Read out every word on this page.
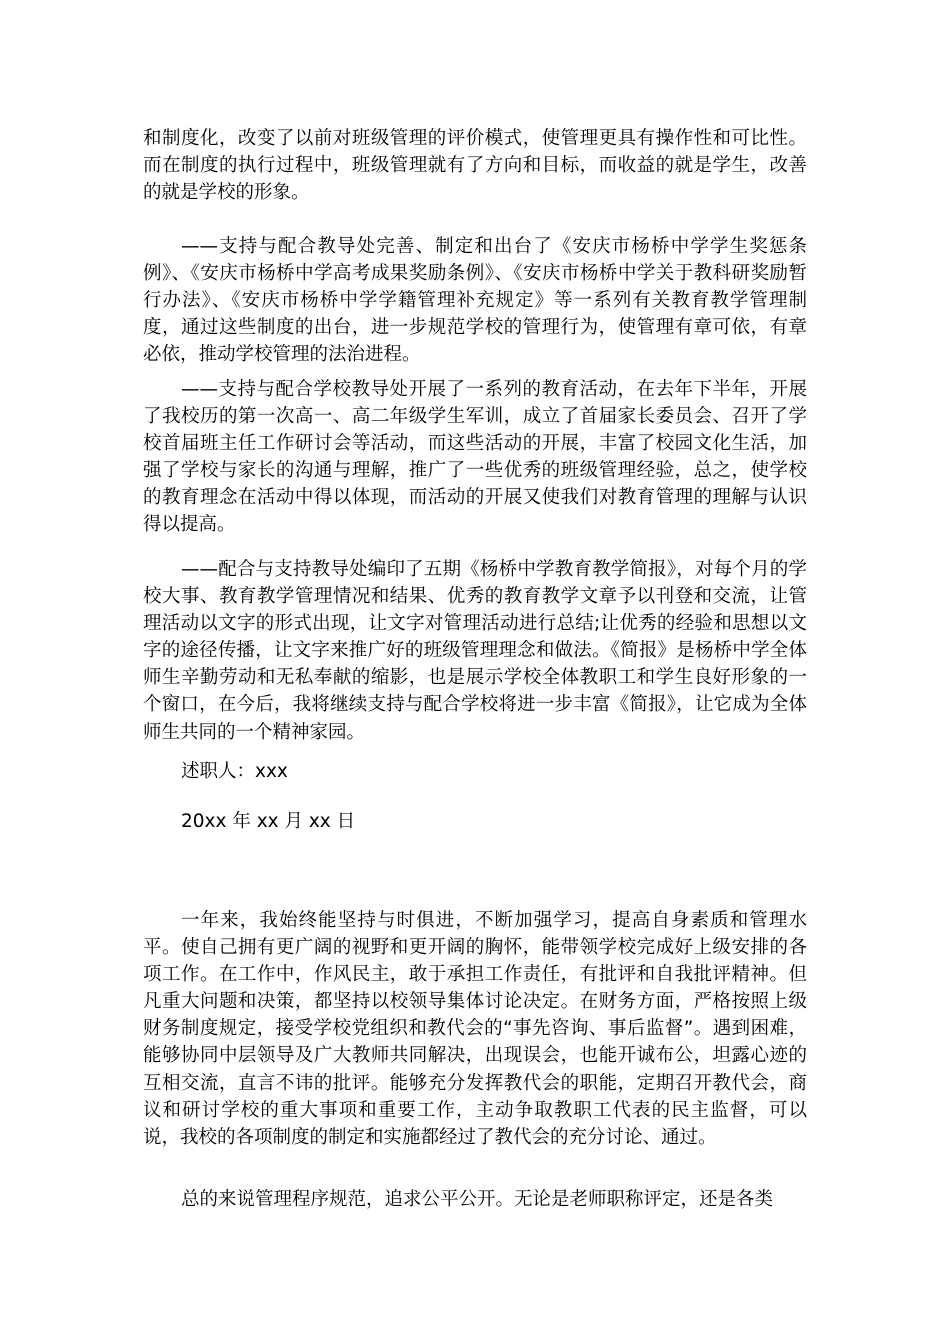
和制度化，改变了以前对班级管理的评价模式，使管理更具有操作性和可比性。而在制度的执行过程中，班级管理就有了方向和目标，而收益的就是学生，改善的就是学校的形象。
——支持与配合教导处完善、制定和出台了《安庆市杨桥中学学生奖惩条例》、《安庆市杨桥中学高考成果奖励条例》、《安庆市杨桥中学关于教科研奖励暂行办法》、《安庆市杨桥中学学籍管理补充规定》等一系列有关教育教学管理制度，通过这些制度的出台，进一步规范学校的管理行为，使管理有章可依，有章必依，推动学校管理的法治进程。
——支持与配合学校教导处开展了一系列的教育活动，在去年下半年，开展了我校历的第一次高一、高二年级学生军训，成立了首届家长委员会、召开了学校首届班主任工作研讨会等活动，而这些活动的开展，丰富了校园文化生活，加强了学校与家长的沟通与理解，推广了一些优秀的班级管理经验，总之，使学校的教育理念在活动中得以体现，而活动的开展又使我们对教育管理的理解与认识得以提高。
——配合与支持教导处编印了五期《杨桥中学教育教学简报》，对每个月的学校大事、教育教学管理情况和结果、优秀的教育教学文章予以刊登和交流，让管理活动以文字的形式出现，让文字对管理活动进行总结;让优秀的经验和思想以文字的途径传播，让文字来推广好的班级管理理念和做法。《简报》是杨桥中学全体师生辛勤劳动和无私奉献的缩影，也是展示学校全体教职工和学生良好形象的一个窗口，在今后，我将继续支持与配合学校将进一步丰富《简报》，让它成为全体师生共同的一个精神家园。
述职人：xxx
20xx 年 xx 月 xx 日
一年来，我始终能坚持与时俱进，不断加强学习，提高自身素质和管理水平。使自己拥有更广阔的视野和更开阔的胸怀，能带领学校完成好上级安排的各项工作。在工作中，作风民主，敢于承担工作责任，有批评和自我批评精神。但凡重大问题和决策，都坚持以校领导集体讨论决定。在财务方面，严格按照上级财务制度规定，接受学校党组织和教代会的“事先咨询、事后监督”。遇到困难，能够协同中层领导及广大教师共同解决，出现误会，也能开诚布公，坦露心迹的互相交流，直言不讳的批评。能够充分发挥教代会的职能，定期召开教代会，商议和研讨学校的重大事项和重要工作，主动争取教职工代表的民主监督，可以说，我校的各项制度的制定和实施都经过了教代会的充分讨论、通过。
总的来说管理程序规范，追求公平公开。无论是老师职称评定，还是各类
